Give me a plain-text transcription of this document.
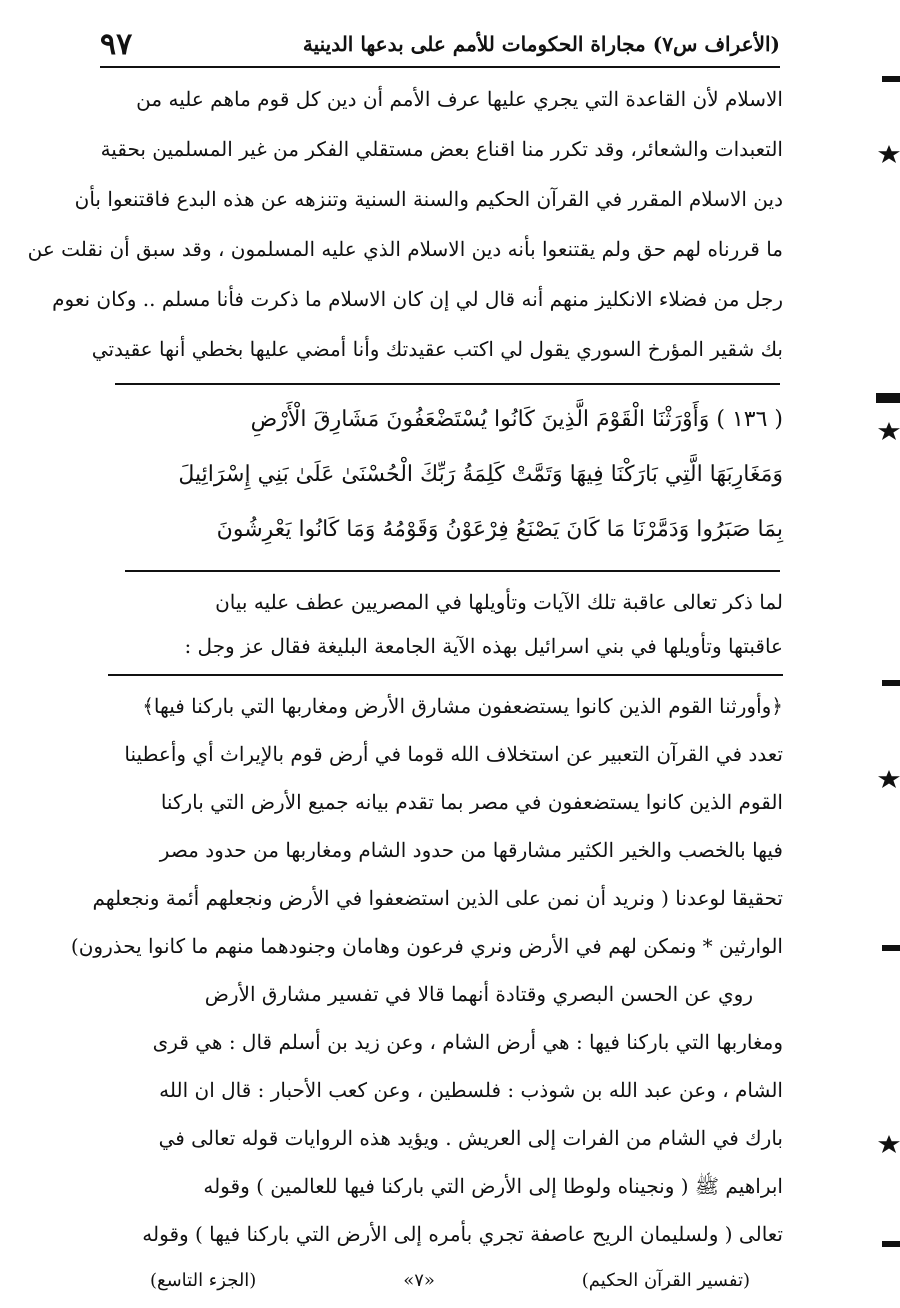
(الأعراف س٧) مجاراة الحكومات للأمم على بدعها الدينية
٩٧
الاسلام لأن القاعدة التي يجري عليها عرف الأمم أن دين كل قوم ماهم عليه من
التعبدات والشعائر، وقد تكرر منا اقناع بعض مستقلي الفكر من غير المسلمين بحقية
دين الاسلام المقرر في القرآن الحكيم والسنة السنية وتنزهه عن هذه البدع فاقتنعوا بأن
ما قررناه لهم حق ولم يقتنعوا بأنه دين الاسلام الذي عليه المسلمون ، وقد سبق أن نقلت عن
رجل من فضلاء الانكليز منهم أنه قال لي إن كان الاسلام ما ذكرت فأنا مسلم .. وكان نعوم
بك شقير المؤرخ السوري يقول لي اكتب عقيدتك وأنا أمضي عليها بخطي أنها عقيدتي
( ١٣٦ ) وَأَوْرَثْنَا الْقَوْمَ الَّذِينَ كَانُوا يُسْتَضْعَفُونَ مَشَارِقَ الْأَرْضِ
وَمَغَارِبَهَا الَّتِي بَارَكْنَا فِيهَا وَتَمَّتْ كَلِمَةُ رَبِّكَ الْحُسْنَىٰ عَلَىٰ بَنِي إِسْرَائِيلَ
بِمَا صَبَرُوا وَدَمَّرْنَا مَا كَانَ يَصْنَعُ فِرْعَوْنُ وَقَوْمُهُ وَمَا كَانُوا يَعْرِشُونَ
لما ذكر تعالى عاقبة تلك الآيات وتأويلها في المصريين عطف عليه بيان
عاقبتها وتأويلها في بني اسرائيل بهذه الآية الجامعة البليغة فقال عز وجل :
﴿وأورثنا القوم الذين كانوا يستضعفون مشارق الأرض ومغاربها التي باركنا فيها﴾
تعدد في القرآن التعبير عن استخلاف الله قوما في أرض قوم بالإيراث أي وأعطينا
القوم الذين كانوا يستضعفون في مصر بما تقدم بيانه جميع الأرض التي باركنا
فيها بالخصب والخير الكثير مشارقها من حدود الشام ومغاربها من حدود مصر
تحقيقا لوعدنا ( ونريد أن نمن على الذين استضعفوا في الأرض ونجعلهم أئمة ونجعلهم
الوارثين * ونمكن لهم في الأرض ونري فرعون وهامان وجنودهما منهم ما كانوا يحذرون)
روي عن الحسن البصري وقتادة أنهما قالا في تفسير مشارق الأرض
ومغاربها التي باركنا فيها : هي أرض الشام ، وعن زيد بن أسلم قال : هي قرى
الشام ، وعن عبد الله بن شوذب : فلسطين ، وعن كعب الأحبار : قال ان الله
بارك في الشام من الفرات إلى العريش . ويؤيد هذه الروايات قوله تعالى في
ابراهيم ﷺ ( ونجيناه ولوطا إلى الأرض التي باركنا فيها للعالمين ) وقوله
تعالى ( ولسليمان الريح عاصفة تجري بأمره إلى الأرض التي باركنا فيها ) وقوله
(تفسير القرآن الحكيم)
«٧»
(الجزء التاسع)
